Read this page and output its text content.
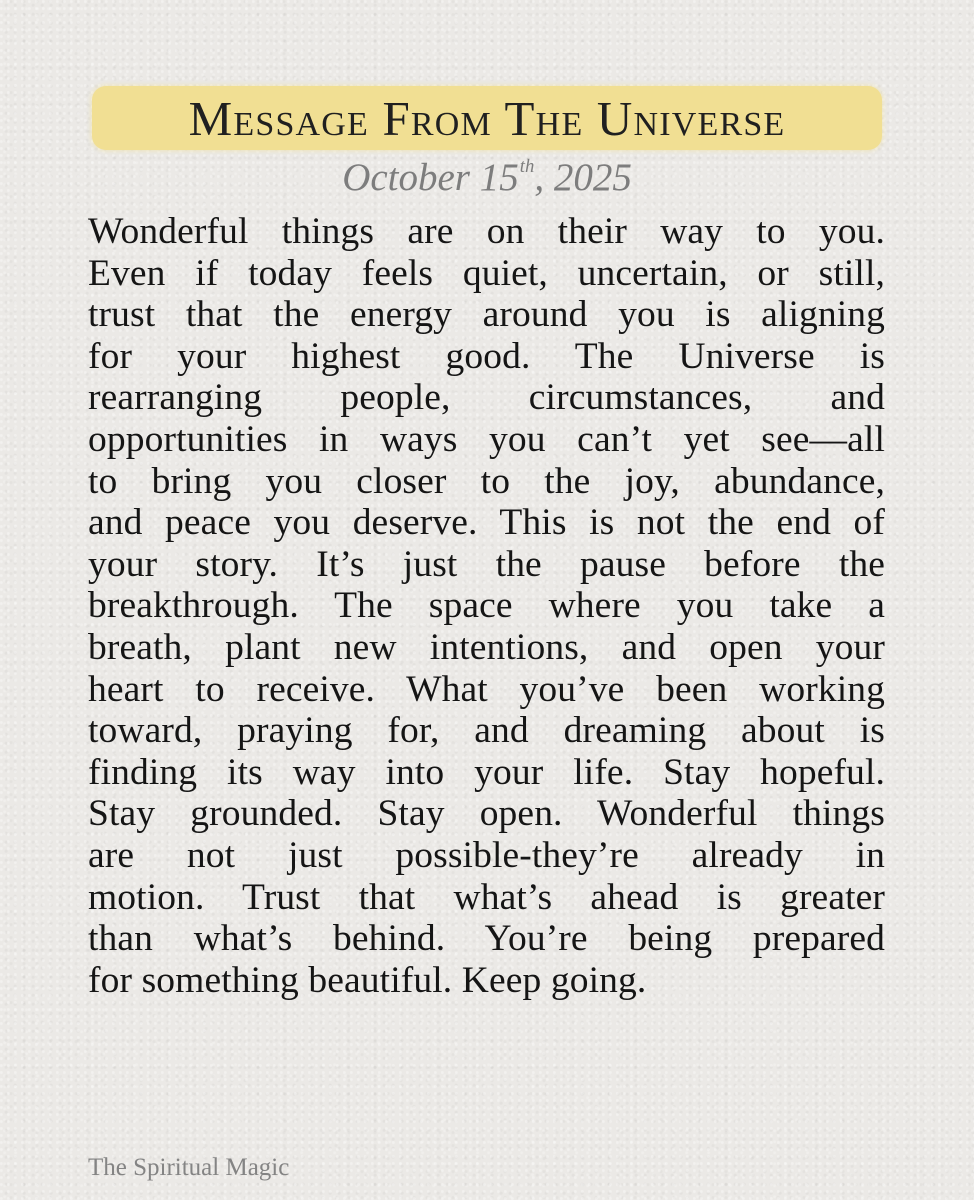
Message From The Universe
October 15th, 2025
Wonderful things are on their way to you.
Even if today feels quiet, uncertain, or still,
trust that the energy around you is aligning
for your highest good. The Universe is
rearranging people, circumstances, and
opportunities in ways you can’t yet see—all
to bring you closer to the joy, abundance,
and peace you deserve. This is not the end of
your story. It’s just the pause before the
breakthrough. The space where you take a
breath, plant new intentions, and open your
heart to receive. What you’ve been working
toward, praying for, and dreaming about is
finding its way into your life. Stay hopeful.
Stay grounded. Stay open. Wonderful things
are not just possible-they’re already in
motion. Trust that what’s ahead is greater
than what’s behind. You’re being prepared
for something beautiful. Keep going.
The Spiritual Magic
